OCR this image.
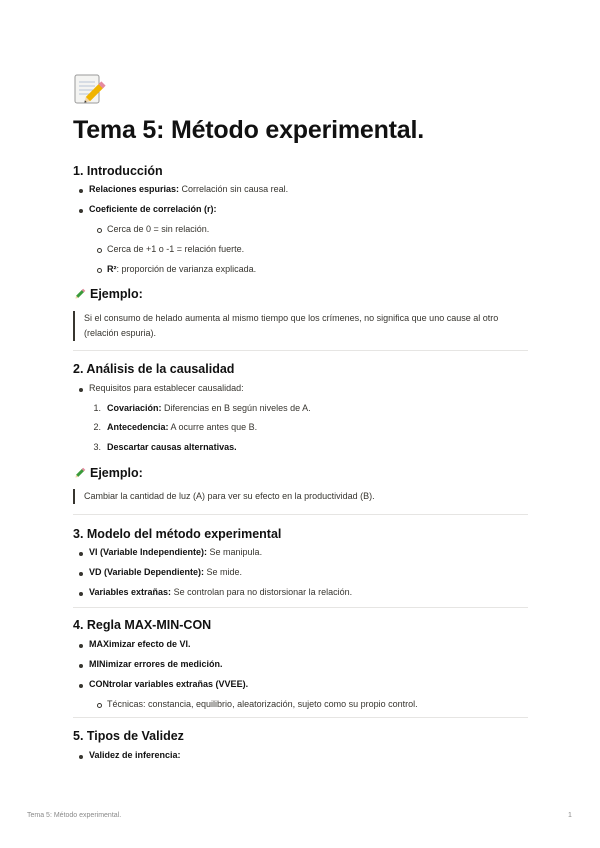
Tema 5: Método experimental.
1. Introducción
Relaciones espurias: Correlación sin causa real.
Coeficiente de correlación (r):
Cerca de 0 = sin relación.
Cerca de +1 o -1 = relación fuerte.
R²: proporción de varianza explicada.
Ejemplo:
Si el consumo de helado aumenta al mismo tiempo que los crímenes, no significa que uno cause al otro (relación espuria).
2. Análisis de la causalidad
Requisitos para establecer causalidad:
1. Covariación: Diferencias en B según niveles de A.
2. Antecedencia: A ocurre antes que B.
3. Descartar causas alternativas.
Ejemplo:
Cambiar la cantidad de luz (A) para ver su efecto en la productividad (B).
3. Modelo del método experimental
VI (Variable Independiente): Se manipula.
VD (Variable Dependiente): Se mide.
Variables extrañas: Se controlan para no distorsionar la relación.
4. Regla MAX-MIN-CON
MAXimizar efecto de VI.
MINimizar errores de medición.
CONtrolar variables extrañas (VVEE).
Técnicas: constancia, equilibrio, aleatorización, sujeto como su propio control.
5. Tipos de Validez
Validez de inferencia:
Tema 5: Método experimental.	1
